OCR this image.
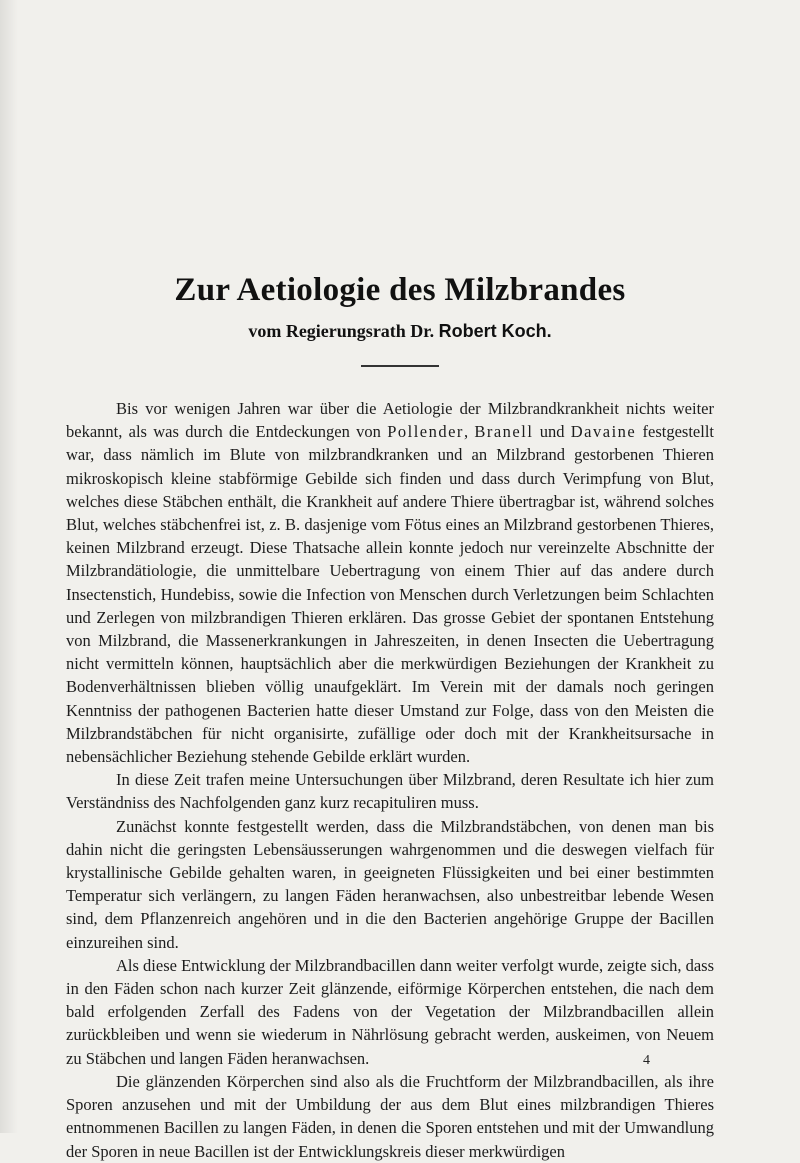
Zur Aetiologie des Milzbrandes
vom Regierungsrath Dr. Robert Koch.

Bis vor wenigen Jahren war über die Aetiologie der Milzbrandkrankheit nichts weiter bekannt, als was durch die Entdeckungen von Pollender, Branell und Davaine festgestellt war, dass nämlich im Blute von milzbrandkranken und an Milzbrand gestorbenen Thieren mikroskopisch kleine stabförmige Gebilde sich finden und dass durch Verimpfung von Blut, welches diese Stäbchen enthält, die Krankheit auf andere Thiere übertragbar ist, während solches Blut, welches stäbchenfrei ist, z. B. dasjenige vom Fötus eines an Milzbrand gestorbenen Thieres, keinen Milzbrand erzeugt. Diese Thatsache allein konnte jedoch nur vereinzelte Abschnitte der Milzbrandätiologie, die unmittelbare Uebertragung von einem Thier auf das andere durch Insectenstich, Hundebiss, sowie die Infection von Menschen durch Verletzungen beim Schlachten und Zerlegen von milzbrandigen Thieren erklären. Das grosse Gebiet der spontanen Entstehung von Milzbrand, die Massenerkrankungen in Jahreszeiten, in denen Insecten die Uebertragung nicht vermitteln können, hauptsächlich aber die merkwürdigen Beziehungen der Krankheit zu Bodenverhältnissen blieben völlig unaufgeklärt. Im Verein mit der damals noch geringen Kenntniss der pathogenen Bacterien hatte dieser Umstand zur Folge, dass von den Meisten die Milzbrandstäbchen für nicht organisirte, zufällige oder doch mit der Krankheitsursache in nebensächlicher Beziehung stehende Gebilde erklärt wurden.

In diese Zeit trafen meine Untersuchungen über Milzbrand, deren Resultate ich hier zum Verständniss des Nachfolgenden ganz kurz recapituliren muss.

Zunächst konnte festgestellt werden, dass die Milzbrandstäbchen, von denen man bis dahin nicht die geringsten Lebensäusserungen wahrgenommen und die deswegen vielfach für krystallinische Gebilde gehalten waren, in geeigneten Flüssigkeiten und bei einer bestimmten Temperatur sich verlängern, zu langen Fäden heranwachsen, also unbestreitbar lebende Wesen sind, dem Pflanzenreich angehören und in die den Bacterien angehörige Gruppe der Bacillen einzureihen sind.

Als diese Entwicklung der Milzbrandbacillen dann weiter verfolgt wurde, zeigte sich, dass in den Fäden schon nach kurzer Zeit glänzende, eiförmige Körperchen entstehen, die nach dem bald erfolgenden Zerfall des Fadens von der Vegetation der Milzbrandbacillen allein zurückbleiben und wenn sie wiederum in Nährlösung gebracht werden, auskeimen, von Neuem zu Stäbchen und langen Fäden heranwachsen.

Die glänzenden Körperchen sind also als die Fruchtform der Milzbrandbacillen, als ihre Sporen anzusehen und mit der Umbildung der aus dem Blut eines milzbrandigen Thieres entnommenen Bacillen zu langen Fäden, in denen die Sporen entstehen und mit der Umwandlung der Sporen in neue Bacillen ist der Entwicklungskreis dieser merkwürdigen

4
